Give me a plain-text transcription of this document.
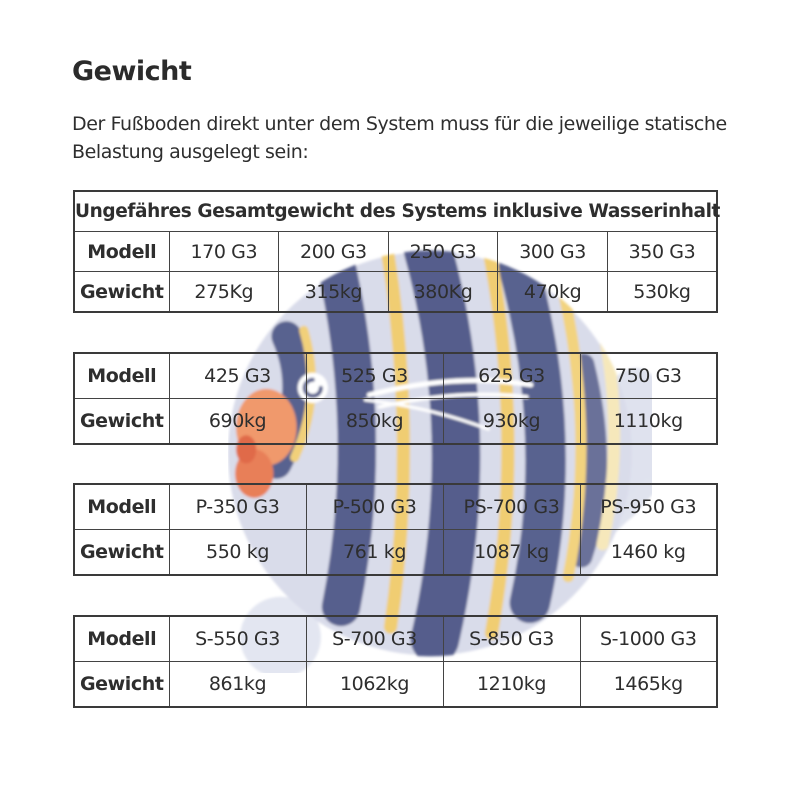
Gewicht

Der Fußboden direkt unter dem System muss für die jeweilige statische
Belastung ausgelegt sein:

Ungefähres Gesamtgewicht des Systems inklusive Wasserinhalt					
Modell	170 G3	200 G3	250 G3	300 G3	350 G3
Gewicht	275Kg	315kg	380Kg	470kg	530kg
Modell	425 G3	525 G3	625 G3	750 G3
Gewicht	690kg	850kg	930kg	1110kg
Modell	P-350 G3	P-500 G3	PS-700 G3	PS-950 G3
Gewicht	550 kg	761 kg	1087 kg	1460 kg
Modell	S-550 G3	S-700 G3	S-850 G3	S-1000 G3
Gewicht	861kg	1062kg	1210kg	1465kg
